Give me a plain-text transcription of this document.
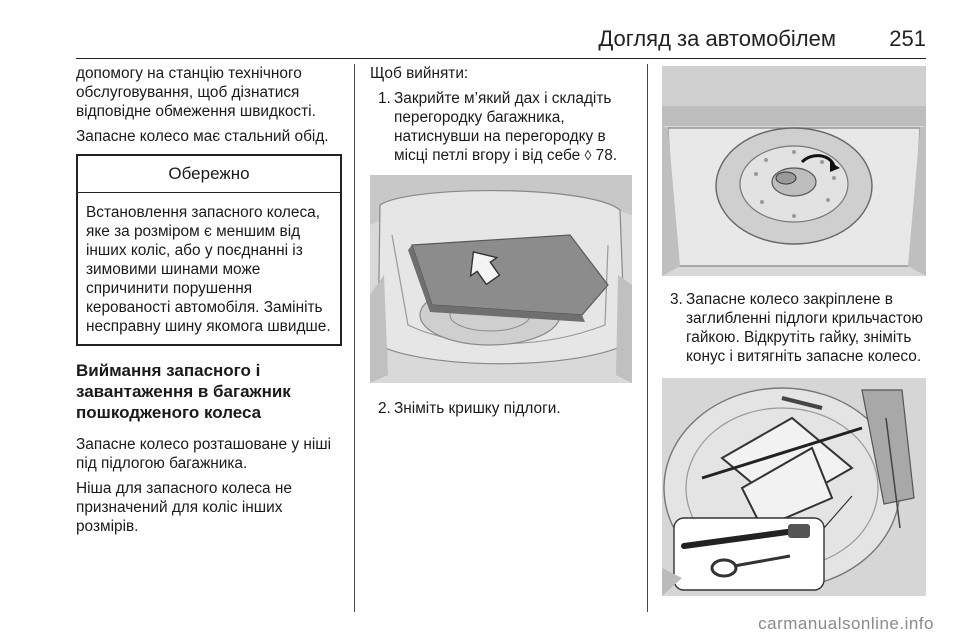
Догляд за автомобілем 251

допомогу на станцію технічного обслуговування, щоб дізнатися відповідне обмеження швидкості.

Запасне колесо має стальний обід.

Обережно
Встановлення запасного колеса, яке за розміром є меншим від інших коліс, або у поєднанні із зимовими шинами може спричинити порушення керованості автомобіля. Замініть несправну шину якомога швидше.
Виймання запасного і завантаження в багажник пошкодженого колеса

Запасне колесо розташоване у ніші під підлогою багажника.

Ніша для запасного колеса не призначений для коліс інших розмірів.

Щоб вийняти:

1. Закрийте м’який дах і складіть перегородку багажника, натиснувши на перегородку в місці петлі вгору і від себе ◊ 78.
2. Зніміть кришку підлоги.
3. Запасне колесо закріплене в заглибленні підлоги крильчастою гайкою. Відкрутіть гайку, зніміть конус і витягніть запасне колесо.
carmanualsonline.info
